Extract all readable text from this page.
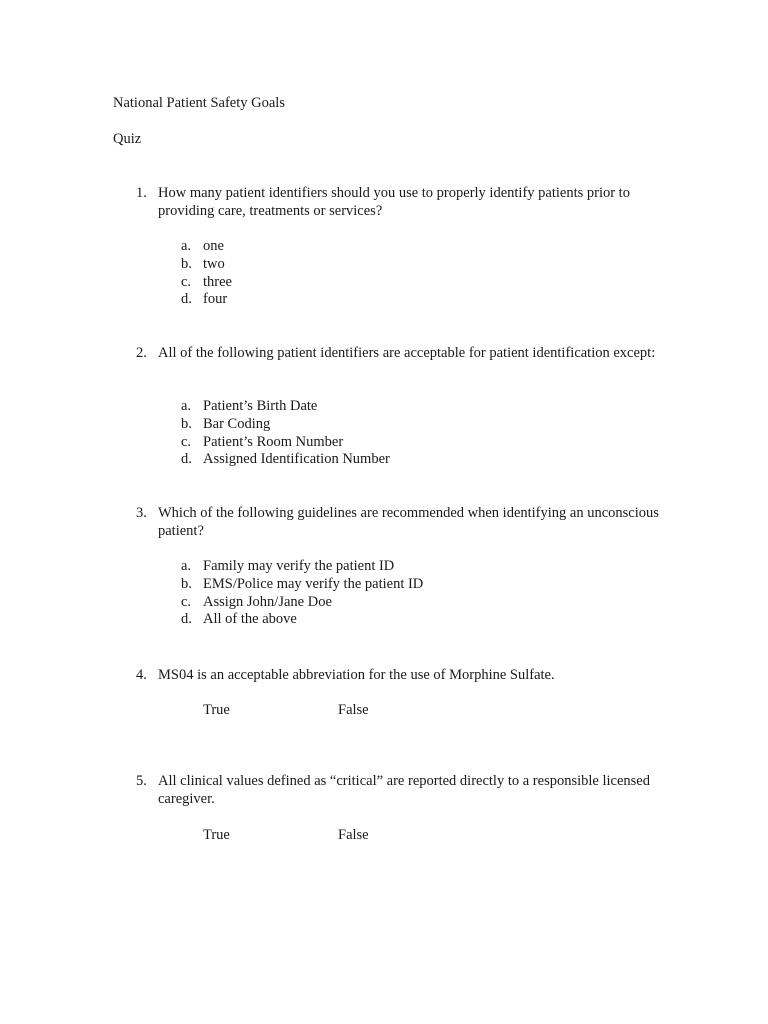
National Patient Safety Goals
Quiz
1. How many patient identifiers should you use to properly identify patients prior to providing care, treatments or services?
a. one
b. two
c. three
d. four
2. All of the following patient identifiers are acceptable for patient identification except:
a. Patient’s Birth Date
b. Bar Coding
c. Patient’s Room Number
d. Assigned Identification Number
3. Which of the following guidelines are recommended when identifying an unconscious patient?
a. Family may verify the patient ID
b. EMS/Police may verify the patient ID
c. Assign John/Jane Doe
d. All of the above
4. MS04 is an acceptable abbreviation for the use of Morphine Sulfate.
True	False
5. All clinical values defined as “critical” are reported directly to a responsible licensed caregiver.
True	False
